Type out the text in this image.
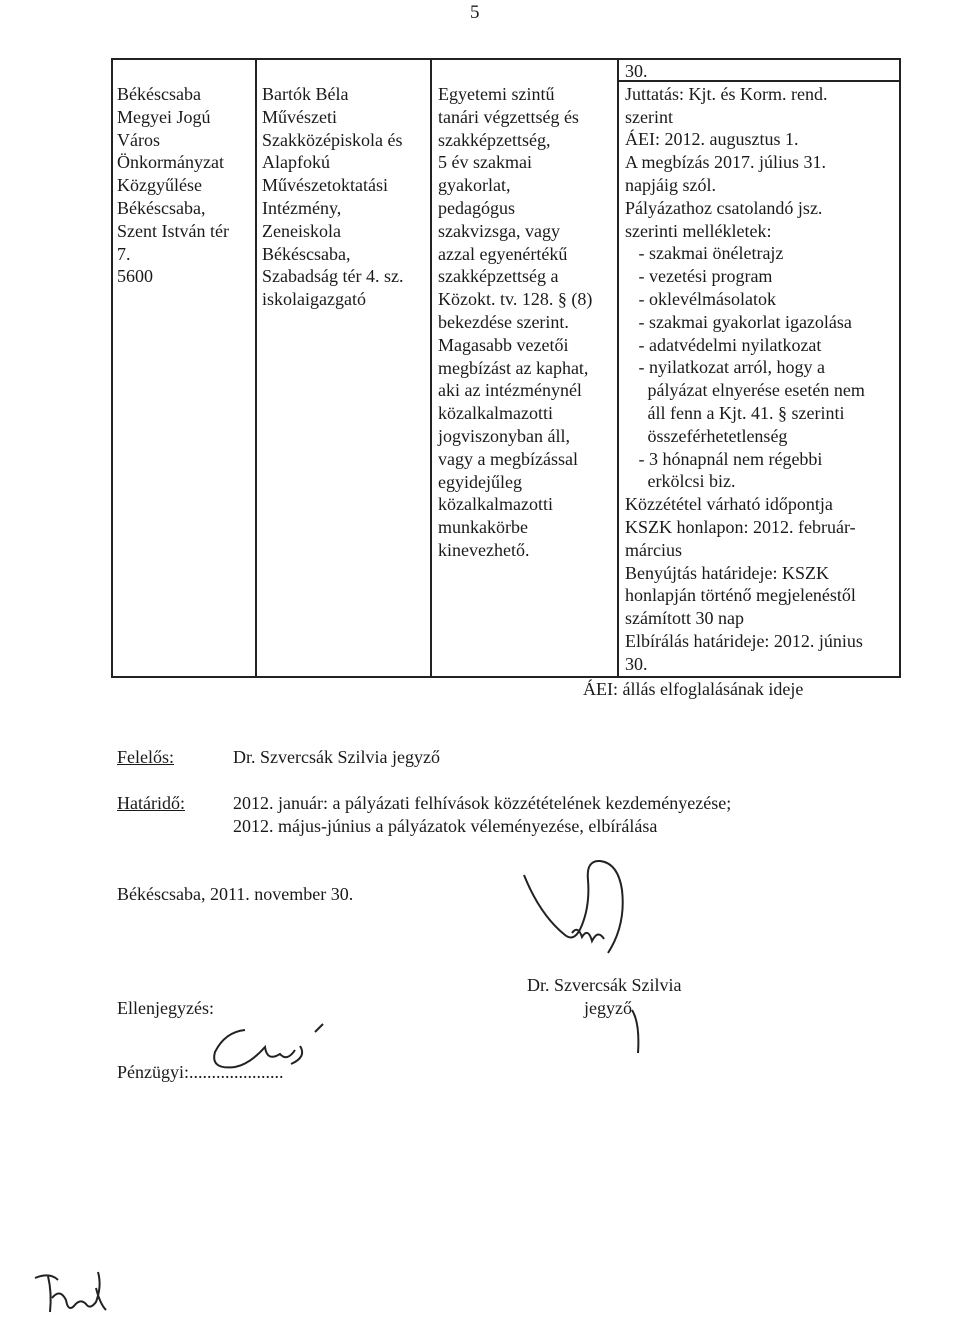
5
Békéscsaba
Megyei Jogú
Város
Önkormányzat
Közgyűlése
Békéscsaba,
Szent István tér
7.
5600
Bartók Béla
Művészeti
Szakközépiskola és
Alapfokú
Művészetoktatási
Intézmény,
Zeneiskola
Békéscsaba,
Szabadság tér 4. sz.
iskolaigazgató
Egyetemi szintű
tanári végzettség és
szakképzettség,
5 év szakmai
gyakorlat,
pedagógus
szakvizsga, vagy
azzal egyenértékű
szakképzettség a
Közokt. tv. 128. § (8)
bekezdése szerint.
Magasabb vezetői
megbízást az kaphat,
aki az intézménynél
közalkalmazotti
jogviszonyban áll,
vagy a megbízással
egyidejűleg
közalkalmazotti
munkakörbe
kinevezhető.
30.
Juttatás: Kjt. és Korm. rend.
szerint
ÁEI: 2012. augusztus 1.
A megbízás 2017. július 31.
napjáig szól.
Pályázathoz csatolandó jsz.
szerinti mellékletek:
- szakmai önéletrajz
- vezetési program
- oklevélmásolatok
- szakmai gyakorlat igazolása
- adatvédelmi nyilatkozat
- nyilatkozat arról, hogy a
pályázat elnyerése esetén nem
áll fenn a Kjt. 41. § szerinti
összeférhetetlenség
- 3 hónapnál nem régebbi
erkölcsi biz.
Közzététel várható időpontja
KSZK honlapon: 2012. február-
március
Benyújtás határideje: KSZK
honlapján történő megjelenéstől
számított 30 nap
Elbírálás határideje: 2012. június
30.
ÁEI: állás elfoglalásának ideje
Felelős:	Dr. Szvercsák Szilvia jegyző
Határidő:	2012. január: a pályázati felhívások közzétételének kezdeményezése;
2012. május-június a pályázatok véleményezése, elbírálása
Békéscsaba, 2011. november 30.
Dr. Szvercsák Szilvia
jegyző
Ellenjegyzés:
Pénzügyi:.....................
